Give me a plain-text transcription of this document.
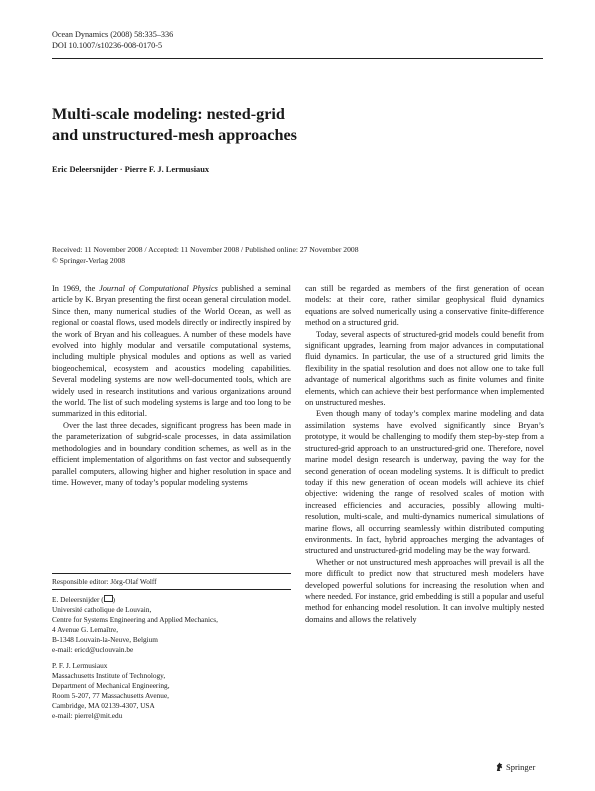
Ocean Dynamics (2008) 58:335–336
DOI 10.1007/s10236-008-0170-5
Multi-scale modeling: nested-grid
and unstructured-mesh approaches
Eric Deleersnijder · Pierre F. J. Lermusiaux
Received: 11 November 2008 / Accepted: 11 November 2008 / Published online: 27 November 2008
© Springer-Verlag 2008

In 1969, the Journal of Computational Physics published a seminal article by K. Bryan presenting the first ocean general circulation model. Since then, many numerical studies of the World Ocean, as well as regional or coastal flows, used models directly or indirectly inspired by the work of Bryan and his colleagues. A number of these models have evolved into highly modular and versatile computational systems, including multiple physical modules and options as well as varied biogeochemical, ecosystem and acoustics modeling capabilities. Several modeling systems are now well-documented tools, which are widely used in research institutions and various organizations around the world. The list of such modeling systems is large and too long to be summarized in this editorial.

Over the last three decades, significant progress has been made in the parameterization of subgrid-scale processes, in data assimilation methodologies and in boundary condition schemes, as well as in the efficient implementation of algorithms on fast vector and subsequently parallel computers, allowing higher and higher resolution in space and time. However, many of today’s popular modeling systems

Responsible editor: Jörg-Olaf Wolff
E. Deleersnijder ( )
Université catholique de Louvain,
Centre for Systems Engineering and Applied Mechanics,
4 Avenue G. Lemaître,
B-1348 Louvain-la-Neuve, Belgium
e-mail: ericd@uclouvain.be
P. F. J. Lermusiaux
Massachusetts Institute of Technology,
Department of Mechanical Engineering,
Room 5-207, 77 Massachusetts Avenue,
Cambridge, MA 02139-4307, USA
e-mail: pierrel@mit.edu

can still be regarded as members of the first generation of ocean models: at their core, rather similar geophysical fluid dynamics equations are solved numerically using a conservative finite-difference method on a structured grid.

Today, several aspects of structured-grid models could benefit from significant upgrades, learning from major advances in computational fluid dynamics. In particular, the use of a structured grid limits the flexibility in the spatial resolution and does not allow one to take full advantage of numerical algorithms such as finite volumes and finite elements, which can achieve their best performance when implemented on unstructured meshes.

Even though many of today’s complex marine modeling and data assimilation systems have evolved significantly since Bryan’s prototype, it would be challenging to modify them step-by-step from a structured-grid approach to an unstructured-grid one. Therefore, novel marine model design research is underway, paving the way for the second generation of ocean modeling systems. It is difficult to predict today if this new generation of ocean models will achieve its chief objective: widening the range of resolved scales of motion with increased efficiencies and accuracies, possibly allowing multi-resolution, multi-scale, and multi-dynamics numerical simulations of marine flows, all occurring seamlessly within distributed computing environments. In fact, hybrid approaches merging the advantages of structured and unstructured-grid modeling may be the way forward.

Whether or not unstructured mesh approaches will prevail is all the more difficult to predict now that structured mesh modelers have developed powerful solutions for increasing the resolution when and where needed. For instance, grid embedding is still a popular and useful method for enhancing model resolution. It can involve multiply nested domains and allows the relatively

Springer
